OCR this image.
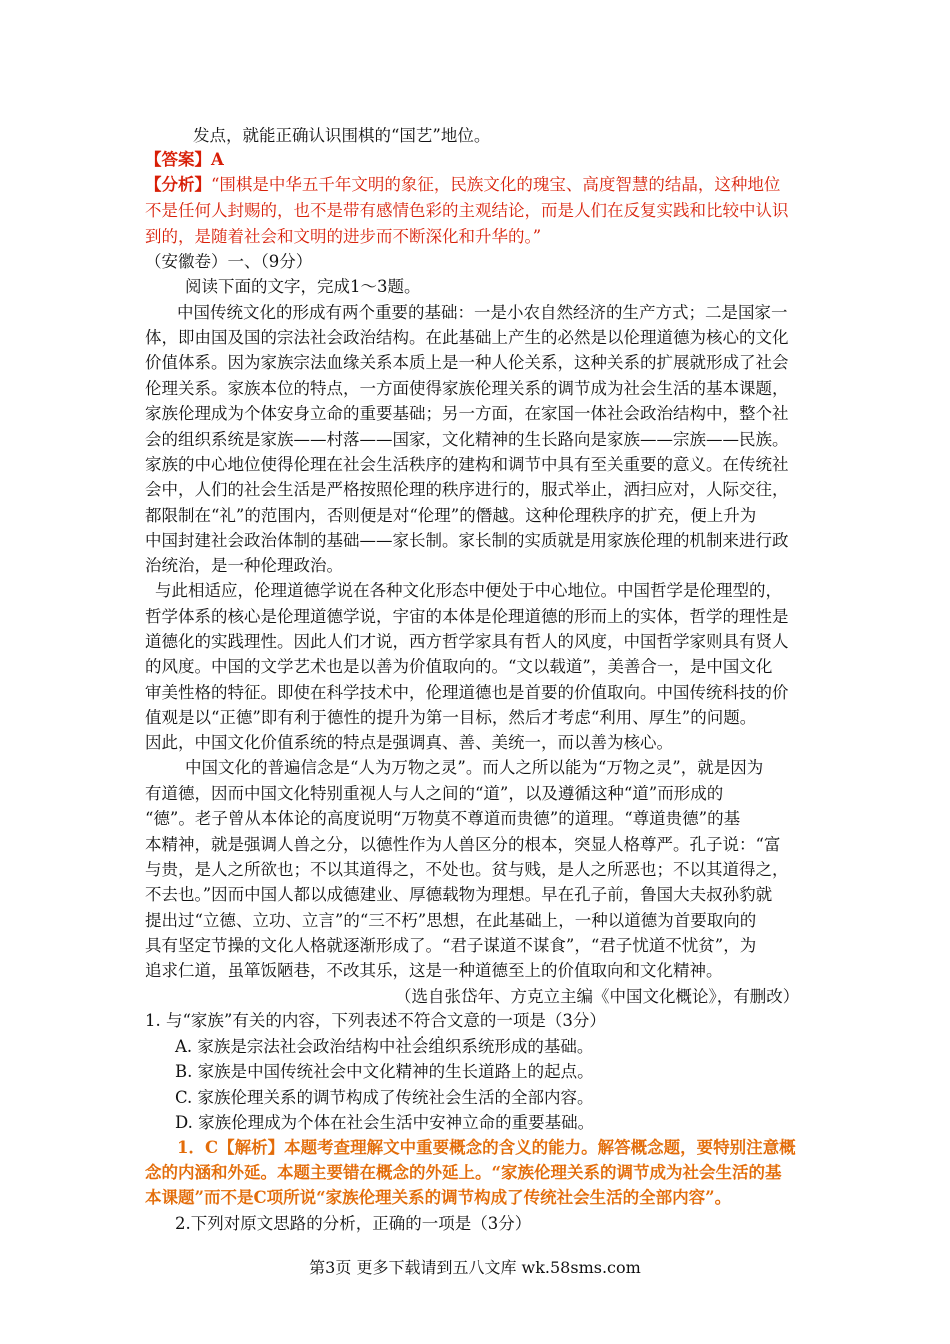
发点，就能正确认识围棋的“国艺”地位。
【答案】A
【分析】“围棋是中华五千年文明的象征，民族文化的瑰宝、高度智慧的结晶，这种地位
不是任何人封赐的，也不是带有感情色彩的主观结论，而是人们在反复实践和比较中认识
到的，是随着社会和文明的进步而不断深化和升华的。”
（安徽卷）一、（9分）
阅读下面的文字，完成1～3题。
中国传统文化的形成有两个重要的基础：一是小农自然经济的生产方式；二是国家一
体，即由国及国的宗法社会政治结构。在此基础上产生的必然是以伦理道德为核心的文化
价值体系。因为家族宗法血缘关系本质上是一种人伦关系，这种关系的扩展就形成了社会
伦理关系。家族本位的特点，一方面使得家族伦理关系的调节成为社会生活的基本课题，
家族伦理成为个体安身立命的重要基础；另一方面，在家国一体社会政治结构中，整个社
会的组织系统是家族——村落——国家，文化精神的生长路向是家族——宗族——民族。
家族的中心地位使得伦理在社会生活秩序的建构和调节中具有至关重要的意义。在传统社
会中，人们的社会生活是严格按照伦理的秩序进行的，服式举止，洒扫应对，人际交往，
都限制在“礼”的范围内，否则便是对“伦理”的僭越。这种伦理秩序的扩充，便上升为
中国封建社会政治体制的基础——家长制。家长制的实质就是用家族伦理的机制来进行政
治统治，是一种伦理政治。
与此相适应，伦理道德学说在各种文化形态中便处于中心地位。中国哲学是伦理型的，
哲学体系的核心是伦理道德学说，宇宙的本体是伦理道德的形而上的实体，哲学的理性是
道德化的实践理性。因此人们才说，西方哲学家具有哲人的风度，中国哲学家则具有贤人
的风度。中国的文学艺术也是以善为价值取向的。“文以载道”，美善合一，是中国文化
审美性格的特征。即使在科学技术中，伦理道德也是首要的价值取向。中国传统科技的价
值观是以“正德”即有利于德性的提升为第一目标，然后才考虑“利用、厚生”的问题。
因此，中国文化价值系统的特点是强调真、善、美统一，而以善为核心。
中国文化的普遍信念是“人为万物之灵”。而人之所以能为“万物之灵”，就是因为
有道德，因而中国文化特别重视人与人之间的“道”，以及遵循这种“道”而形成的
“德”。老子曾从本体论的高度说明“万物莫不尊道而贵德”的道理。“尊道贵德”的基
本精神，就是强调人兽之分，以德性作为人兽区分的根本，突显人格尊严。孔子说：“富
与贵，是人之所欲也；不以其道得之，不处也。贫与贱，是人之所恶也；不以其道得之，
不去也。”因而中国人都以成德建业、厚德载物为理想。早在孔子前，鲁国大夫叔孙豹就
提出过“立德、立功、立言”的“三不朽”思想，在此基础上，一种以道德为首要取向的
具有坚定节操的文化人格就逐渐形成了。“君子谋道不谋食”，“君子忧道不忧贫”，为
追求仁道，虽箪饭陋巷，不改其乐，这是一种道德至上的价值取向和文化精神。
（选自张岱年、方克立主编《中国文化概论》，有删改）
1. 与“家族”有关的内容，下列表述不符合文意的一项是（3分）
A. 家族是宗法社会政治结构中社会组织系统形成的基础。
B. 家族是中国传统社会中文化精神的生长道路上的起点。
C. 家族伦理关系的调节构成了传统社会生活的全部内容。
D. 家族伦理成为个体在社会生活中安神立命的重要基础。
1．C【解析】本题考查理解文中重要概念的含义的能力。解答概念题，要特别注意概
念的内涵和外延。本题主要错在概念的外延上。“家族伦理关系的调节成为社会生活的基
本课题”而不是C项所说“家族伦理关系的调节构成了传统社会生活的全部内容”。
2.下列对原文思路的分析，正确的一项是（3分）
第3页 更多下载请到五八文库 wk.58sms.com
